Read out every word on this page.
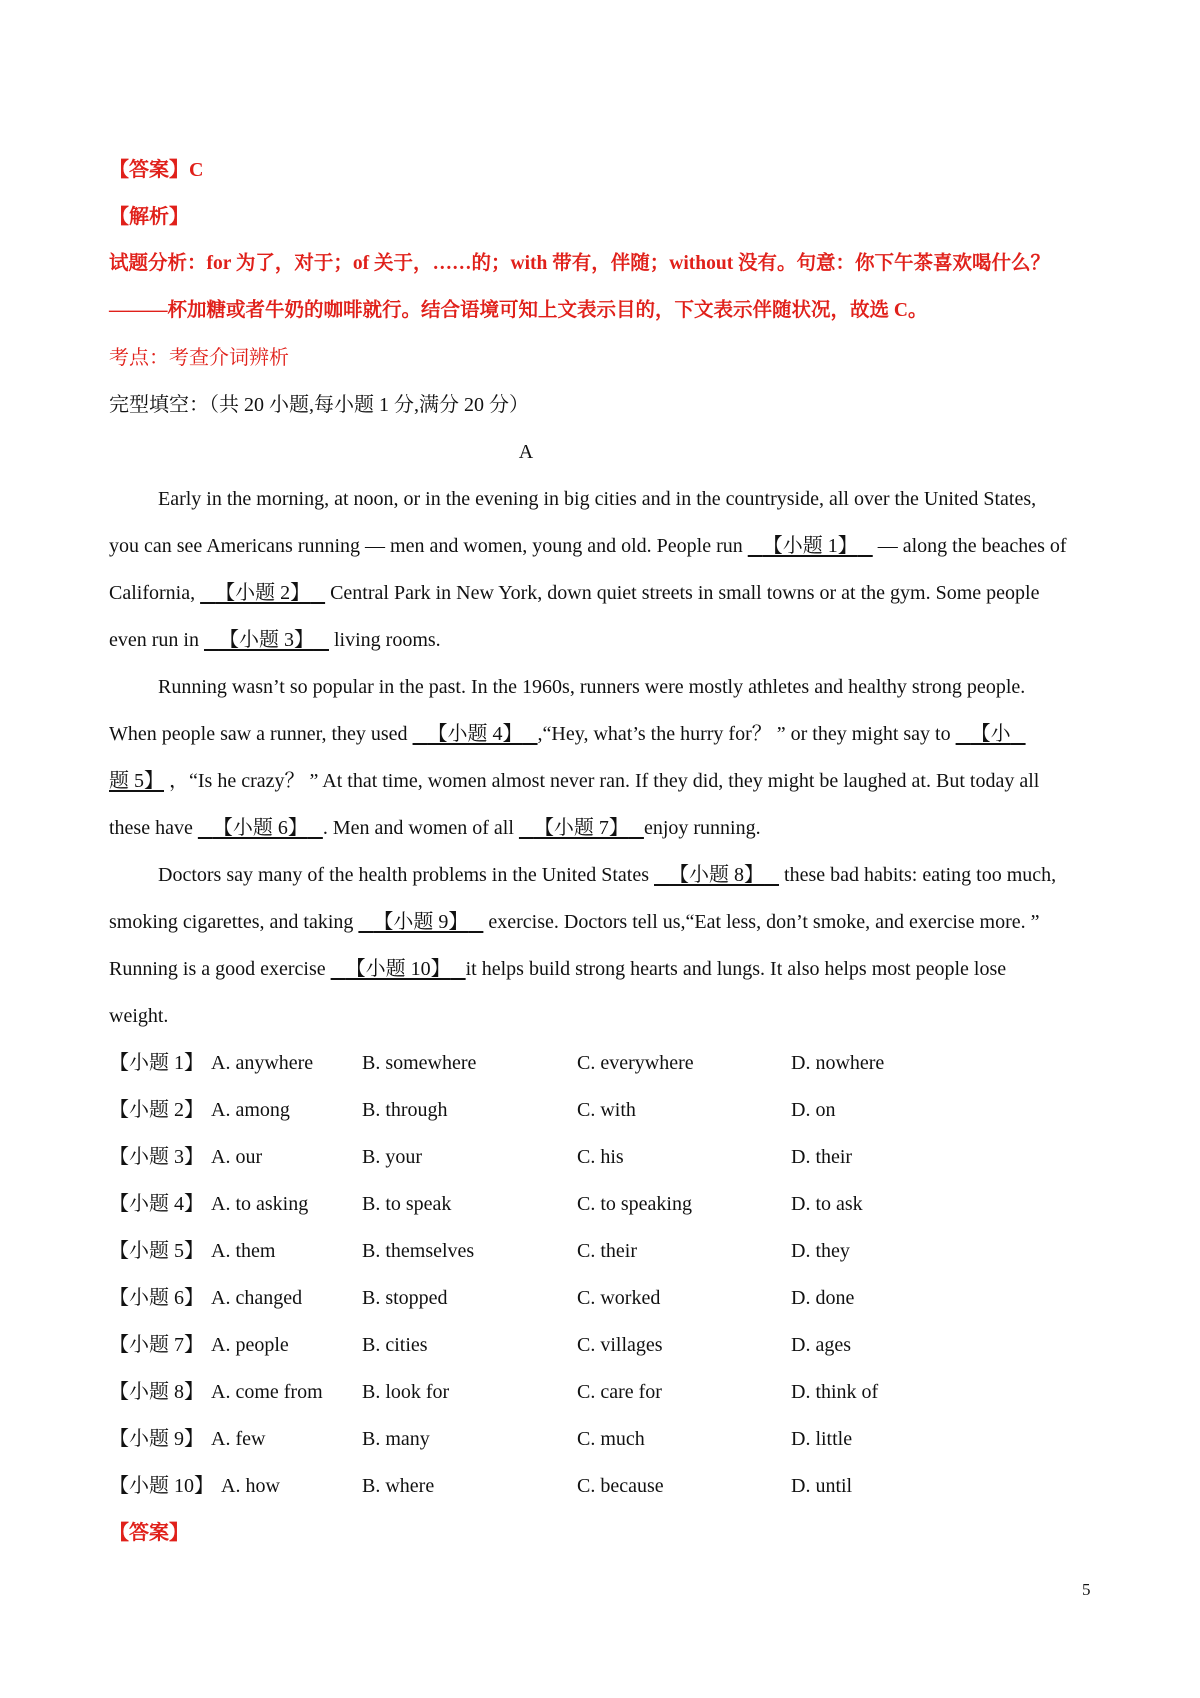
【答案】C
【解析】
试题分析：for 为了，对于；of 关于，……的；with 带有，伴随；without 没有。句意：你下午茶喜欢喝什么？
———杯加糖或者牛奶的咖啡就行。结合语境可知上文表示目的，下文表示伴随状况，故选 C。
考点：考查介词辨析
完型填空：（共 20 小题,每小题 1 分,满分 20 分）
A
Early in the morning, at noon, or in the evening in big cities and in the countryside, all over the United States,
you can see Americans running — men and women, young and old. People run 【小题 1】 — along the beaches of
California, 【小题 2】 Central Park in New York, down quiet streets in small towns or at the gym. Some people
even run in 【小题 3】 living rooms.
Running wasn’t so popular in the past. In the 1960s, runners were mostly athletes and healthy strong people.
When people saw a runner, they used 【小题 4】 ,“Hey, what’s the hurry for？ ” or they might say to 【小
题 5】 ，“Is he crazy？ ” At that time, women almost never ran. If they did, they might be laughed at. But today all
these have 【小题 6】 . Men and women of all 【小题 7】 enjoy running.
Doctors say many of the health problems in the United States 【小题 8】 these bad habits: eating too much,
smoking cigarettes, and taking 【小题 9】 exercise. Doctors tell us,“Eat less, don’t smoke, and exercise more. ”
Running is a good exercise 【小题 10】 it helps build strong hearts and lungs. It also helps most people lose
weight.
【小题 1】 A. anywhere B. somewhere	C. everywhere	D. nowhere
【小题 2】 A. among	B. through	C. with	D. on
【小题 3】 A. our	B. your	C. his	D. their
【小题 4】 A. to asking	B. to speak	C. to speaking	D. to ask
【小题 5】 A. them	B. themselves	C. their	D. they
【小题 6】 A. changed	B. stopped	C. worked	D. done
【小题 7】 A. people	B. cities	C. villages	D. ages
【小题 8】 A. come from B. look for	C. care for	D. think of
【小题 9】 A. few	B. many	C. much	D. little
【小题 10】 A. how	B. where	C. because	D. until
【答案】
5
